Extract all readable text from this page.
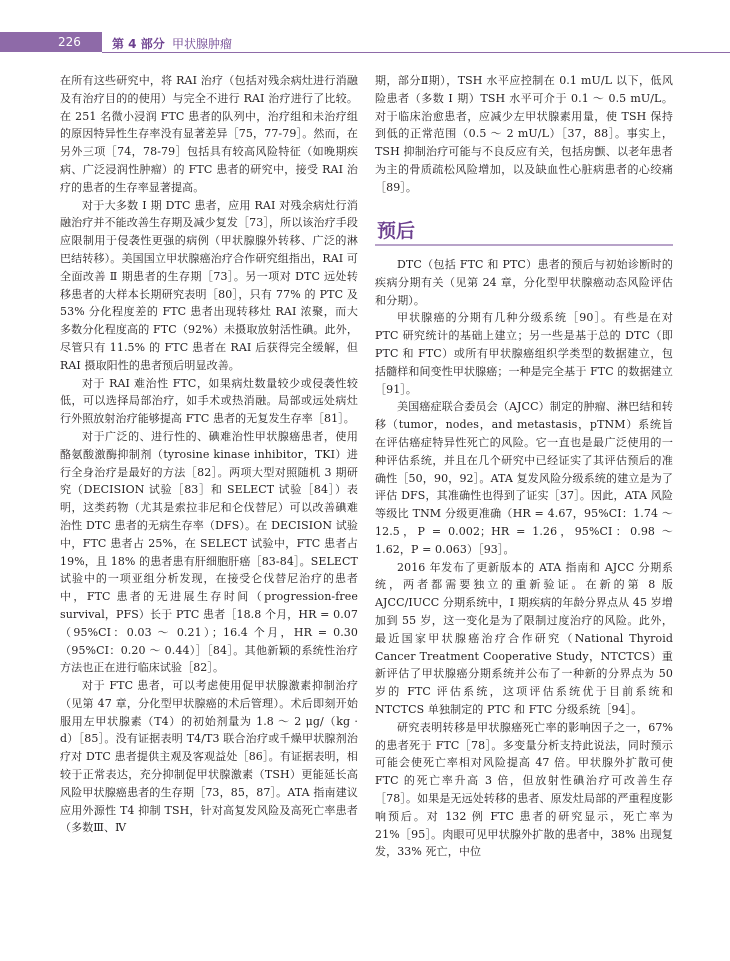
226	第 4 部分 甲状腺肿瘤

在所有这些研究中，将 RAI 治疗（包括对残余病灶进行消融及有治疗目的的使用）与完全不进行 RAI 治疗进行了比较。在 251 名微小浸润 FTC 患者的队列中，治疗组和未治疗组的原因特异性生存率没有显著差异［75，77-79］。然而，在另外三项［74，78-79］包括具有较高风险特征（如晚期疾病、广泛浸润性肿瘤）的 FTC 患者的研究中，接受 RAI 治疗的患者的生存率显著提高。

对于大多数 Ⅰ 期 DTC 患者，应用 RAI 对残余病灶行消融治疗并不能改善生存期及减少复发［73］，所以该治疗手段应限制用于侵袭性更强的病例（甲状腺腺外转移、广泛的淋巴结转移）。美国国立甲状腺癌治疗合作研究组指出，RAI 可全面改善 Ⅱ 期患者的生存期［73］。另一项对 DTC 远处转移患者的大样本长期研究表明［80］，只有 77% 的 PTC 及 53% 分化程度差的 FTC 患者出现转移灶 RAI 浓聚，而大多数分化程度高的 FTC（92%）未摄取放射活性碘。此外，尽管只有 11.5% 的 FTC 患者在 RAI 后获得完全缓解，但 RAI 摄取阳性的患者预后明显改善。

对于 RAI 难治性 FTC，如果病灶数量较少或侵袭性较低，可以选择局部治疗，如手术或热消融。局部或远处病灶行外照放射治疗能够提高 FTC 患者的无复发生存率［81］。

对于广泛的、进行性的、碘难治性甲状腺癌患者，使用酪氨酸激酶抑制剂（tyrosine kinase inhibitor，TKI）进行全身治疗是最好的方法［82］。两项大型对照随机 3 期研究（DECISION 试验［83］和 SELECT 试验［84］）表明，这类药物（尤其是索拉非尼和仑伐替尼）可以改善碘难治性 DTC 患者的无病生存率（DFS）。在 DECISION 试验中，FTC 患者占 25%，在 SELECT 试验中，FTC 患者占 19%，且 18% 的患者患有肝细胞肝癌［83-84］。SELECT 试验中的一项亚组分析发现，在接受仑伐替尼治疗的患者中，FTC 患者的无进展生存时间（progression-free survival，PFS）长于 PTC 患者［18.8 个月，HR = 0.07（95%CI：0.03 ～ 0.21）；16.4 个月，HR = 0.30（95%CI：0.20 ～ 0.44）］［84］。其他新颖的系统性治疗方法也正在进行临床试验［82］。

对于 FTC 患者，可以考虑使用促甲状腺激素抑制治疗（见第 47 章，分化型甲状腺癌的术后管理）。术后即刻开始服用左甲状腺素（T4）的初始剂量为 1.8 ～ 2 μg/（kg · d）［85］。没有证据表明 T4/T3 联合治疗或千燥甲状腺剂治疗对 DTC 患者提供主观及客观益处［86］。有证据表明，相较于正常表达，充分抑制促甲状腺激素（TSH）更能延长高风险甲状腺癌患者的生存期［73，85，87］。ATA 指南建议应用外源性 T4 抑制 TSH，针对高复发风险及高死亡率患者（多数Ⅲ、Ⅳ

期，部分Ⅱ期），TSH 水平应控制在 0.1 mU/L 以下，低风险患者（多数 Ⅰ 期）TSH 水平可介于 0.1 ～ 0.5 mU/L。对于临床治愈患者，应减少左甲状腺素用量，使 TSH 保持到低的正常范围（0.5 ～ 2 mU/L）［37，88］。事实上，TSH 抑制治疗可能与不良反应有关，包括房颤、以老年患者为主的骨质疏松风险增加，以及缺血性心脏病患者的心绞痛［89］。

预后

DTC（包括 FTC 和 PTC）患者的预后与初始诊断时的疾病分期有关（见第 24 章，分化型甲状腺癌动态风险评估和分期）。

甲状腺癌的分期有几种分级系统［90］。有些是在对 PTC 研究统计的基础上建立；另一些是基于总的 DTC（即 PTC 和 FTC）或所有甲状腺癌组织学类型的数据建立，包括髓样和间变性甲状腺癌；一种是完全基于 FTC 的数据建立［91］。

美国癌症联合委员会（AJCC）制定的肿瘤、淋巴结和转移（tumor，nodes，and metastasis，pTNM）系统旨在评估癌症特异性死亡的风险。它一直也是最广泛使用的一种评估系统，并且在几个研究中已经证实了其评估预后的准确性［50，90，92］。ATA 复发风险分级系统的建立是为了评估 DFS，其准确性也得到了证实［37］。因此，ATA 风险等级比 TNM 分级更准确（HR = 4.67，95%CI：1.74 ～ 12.5，P = 0.002；HR = 1.26，95%CI：0.98 ～ 1.62，P = 0.063）［93］。

2016 年发布了更新版本的 ATA 指南和 AJCC 分期系统，两者都需要独立的重新验证。在新的第 8 版 AJCC/IUCC 分期系统中，Ⅰ 期疾病的年龄分界点从 45 岁增加到 55 岁，这一变化是为了限制过度治疗的风险。此外，最近国家甲状腺癌治疗合作研究（National Thyroid Cancer Treatment Cooperative Study，NTCTCS）重新评估了甲状腺癌分期系统并公布了一种新的分界点为 50 岁的 FTC 评估系统，这项评估系统优于目前系统和 NTCTCS 单独制定的 PTC 和 FTC 分级系统［94］。

研究表明转移是甲状腺癌死亡率的影响因子之一，67% 的患者死于 FTC［78］。多变量分析支持此说法，同时预示可能会使死亡率相对风险提高 47 倍。甲状腺外扩散可使 FTC 的死亡率升高 3 倍，但放射性碘治疗可改善生存［78］。如果是无远处转移的患者、原发灶局部的严重程度影响预后。对 132 例 FTC 患者的研究显示，死亡率为 21%［95］。肉眼可见甲状腺外扩散的患者中，38% 出现复发，33% 死亡，中位
